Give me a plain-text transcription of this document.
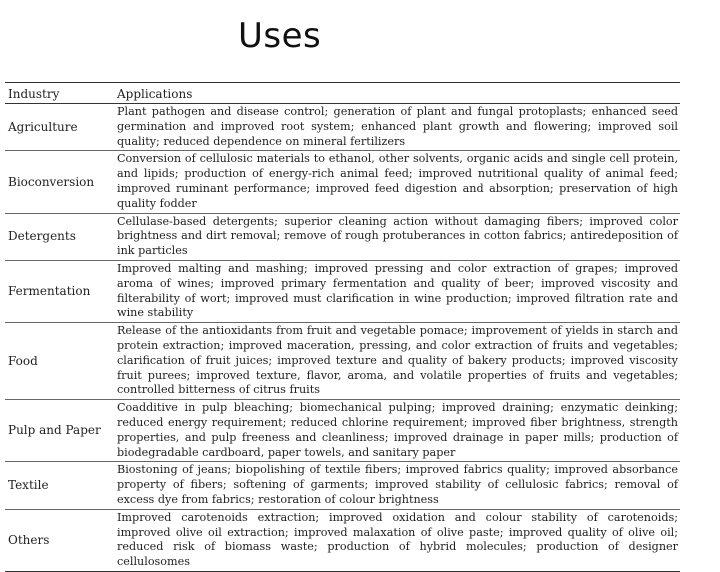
Uses
Industry	Applications
Agriculture	Plant pathogen and disease control; generation of plant and fungal protoplasts; enhanced seed germination and improved root system; enhanced plant growth and flowering; improved soil quality; reduced dependence on mineral fertilizers
Bioconversion	Conversion of cellulosic materials to ethanol, other solvents, organic acids and single cell protein, and lipids; production of energy-rich animal feed; improved nutritional quality of animal feed; improved ruminant performance; improved feed digestion and absorption; preservation of high quality fodder
Detergents	Cellulase-based detergents; superior cleaning action without damaging fibers; improved color brightness and dirt removal; remove of rough protuberances in cotton fabrics; antiredeposition of ink particles
Fermentation	Improved malting and mashing; improved pressing and color extraction of grapes; improved aroma of wines; improved primary fermentation and quality of beer; improved viscosity and filterability of wort; improved must clarification in wine production; improved filtration rate and wine stability
Food	Release of the antioxidants from fruit and vegetable pomace; improvement of yields in starch and protein extraction; improved maceration, pressing, and color extraction of fruits and vegetables; clarification of fruit juices; improved texture and quality of bakery products; improved viscosity fruit purees; improved texture, flavor, aroma, and volatile properties of fruits and vegetables; controlled bitterness of citrus fruits
Pulp and Paper	Coadditive in pulp bleaching; biomechanical pulping; improved draining; enzymatic deinking; reduced energy requirement; reduced chlorine requirement; improved fiber brightness, strength properties, and pulp freeness and cleanliness; improved drainage in paper mills; production of biodegradable cardboard, paper towels, and sanitary paper
Textile	Biostoning of jeans; biopolishing of textile fibers; improved fabrics quality; improved absorbance property of fibers; softening of garments; improved stability of cellulosic fabrics; removal of excess dye from fabrics; restoration of colour brightness
Others	Improved carotenoids extraction; improved oxidation and colour stability of carotenoids; improved olive oil extraction; improved malaxation of olive paste; improved quality of olive oil; reduced risk of biomass waste; production of hybrid molecules; production of designer cellulosomes
